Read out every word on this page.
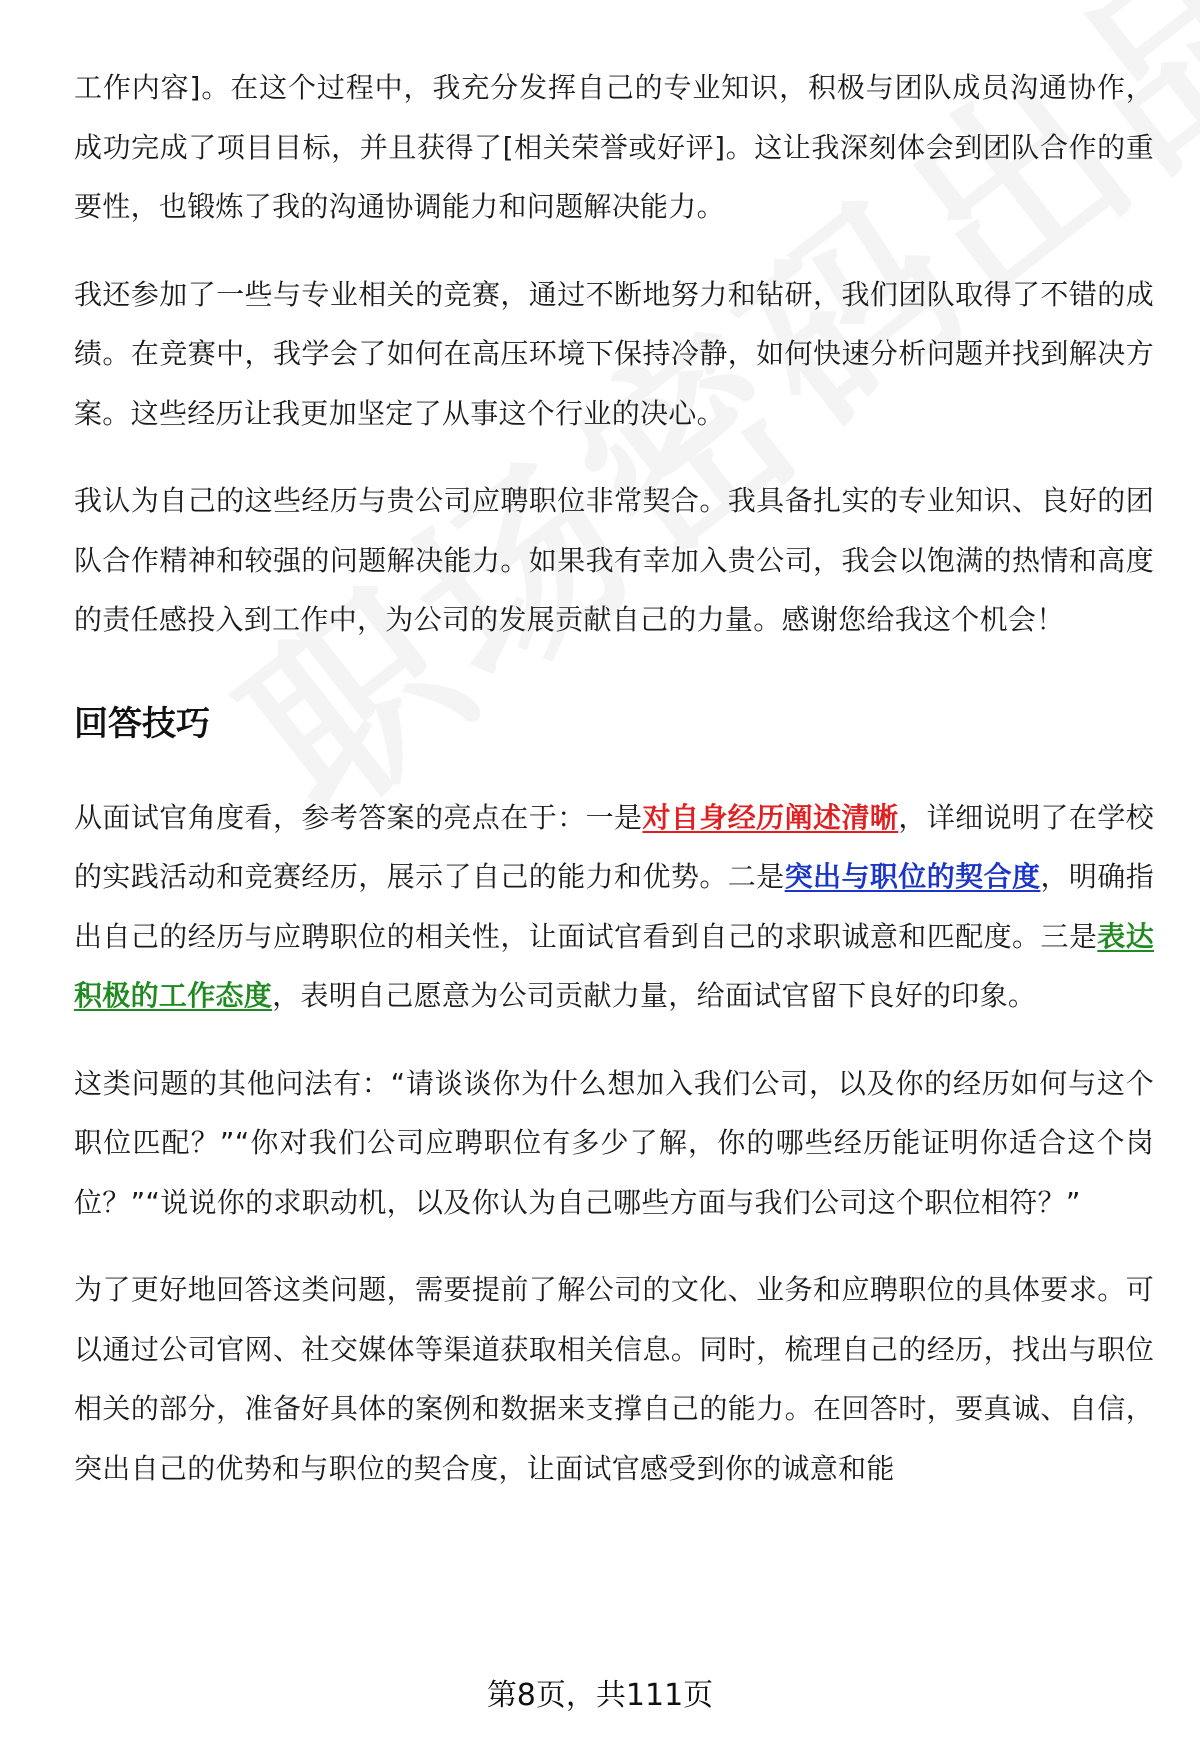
工作内容]。在这个过程中，我充分发挥自己的专业知识，积极与团队成员沟通协作，成功完成了项目目标，并且获得了[相关荣誉或好评]。这让我深刻体会到团队合作的重要性，也锻炼了我的沟通协调能力和问题解决能力。

我还参加了一些与专业相关的竞赛，通过不断地努力和钻研，我们团队取得了不错的成绩。在竞赛中，我学会了如何在高压环境下保持冷静，如何快速分析问题并找到解决方案。这些经历让我更加坚定了从事这个行业的决心。

我认为自己的这些经历与贵公司应聘职位非常契合。我具备扎实的专业知识、良好的团队合作精神和较强的问题解决能力。如果我有幸加入贵公司，我会以饱满的热情和高度的责任感投入到工作中，为公司的发展贡献自己的力量。感谢您给我这个机会！

回答技巧

从面试官角度看，参考答案的亮点在于：一是对自身经历阐述清晰，详细说明了在学校的实践活动和竞赛经历，展示了自己的能力和优势。二是突出与职位的契合度，明确指出自己的经历与应聘职位的相关性，让面试官看到自己的求职诚意和匹配度。三是表达积极的工作态度，表明自己愿意为公司贡献力量，给面试官留下良好的印象。

这类问题的其他问法有：“请谈谈你为什么想加入我们公司，以及你的经历如何与这个职位匹配？”“你对我们公司应聘职位有多少了解，你的哪些经历能证明你适合这个岗位？”“说说你的求职动机，以及你认为自己哪些方面与我们公司这个职位相符？”

为了更好地回答这类问题，需要提前了解公司的文化、业务和应聘职位的具体要求。可以通过公司官网、社交媒体等渠道获取相关信息。同时，梳理自己的经历，找出与职位相关的部分，准备好具体的案例和数据来支撑自己的能力。在回答时，要真诚、自信，突出自己的优势和与职位的契合度，让面试官感受到你的诚意和能

第8页，共111页
